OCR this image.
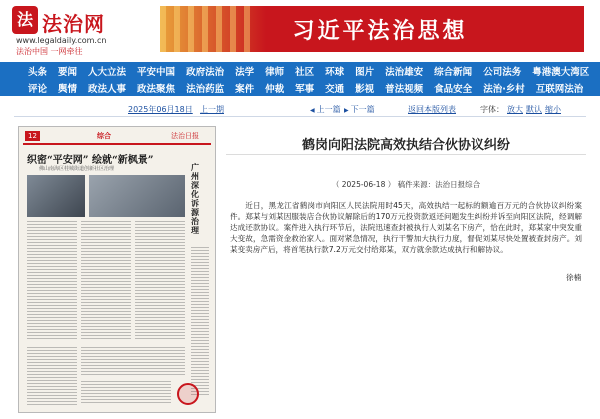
法 法治网
www.legaldaily.com.cn
法治中国 一网牵往
习近平法治思想
头条 要闻 人大立法 平安中国 政府法治 法学 律师 社区 环球 图片 法治雄安 综合新闻 公司法务 粤港澳大湾区
评论 舆情 政法人事 政法聚焦 法治药监 案件 仲裁 军事 交通 影视 普法视频 食品安全 法治·乡村 互联网法治
2025年06月18日 上一期	◀ 上一篇 ▶ 下一篇	返回本版列表	字体： 放大 默认 缩小
12	综合	法治日报
织密“平安网” 绘就“新枫景”
佛山南海区桂城街道创新社区治理	广州深化诉源治理
鹤岗向阳法院高效执结合伙协议纠纷
（ 2025-06-18 ） 稿件来源：法治日报综合
近日，黑龙江省鹤岗市向阳区人民法院用时45天，高效执结一起标的额逾百万元的合伙协议纠纷案件。郑某与刘某因服装店合伙协议解除后的170万元投资款返还问题发生纠纷并诉至向阳区法院，经调解达成还款协议。案件进入执行环节后，法院迅速查封被执行人刘某名下房产，恰在此时，郑某家中突发重大变故，急需资金救治家人。面对紧急情况，执行干警加大执行力度，督促刘某尽快处置被查封房产。刘某变卖房产后，将首笔执行款7.2万元交付给郑某，双方就余款达成执行和解协议。
徐楠
